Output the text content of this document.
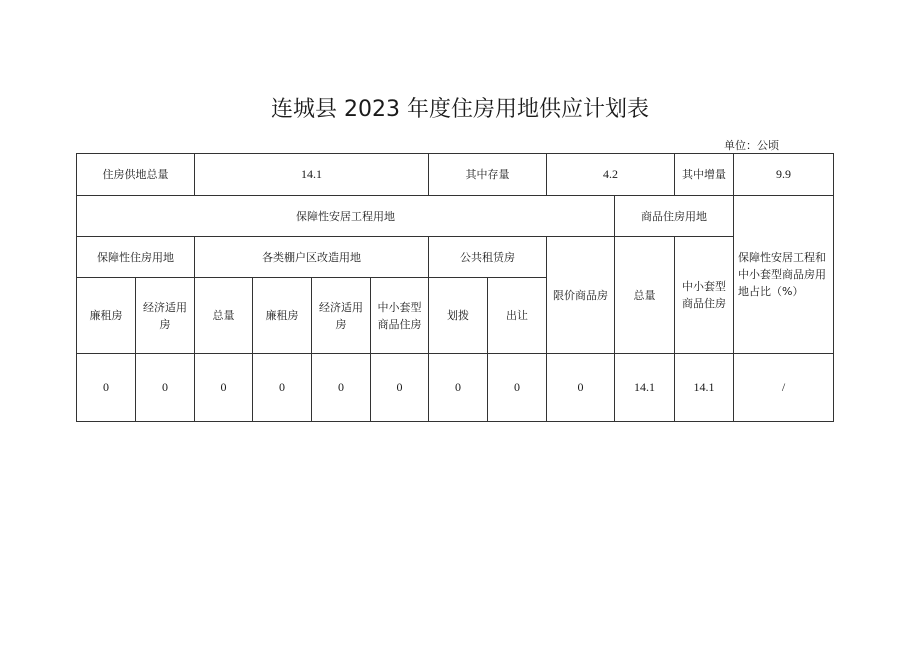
连城县 2023 年度住房用地供应计划表
单位：公顷
住房供地总量		14.1				其中存量		4.2		其中增量	9.9
保障性安居工程用地									商品住房用地		保障性安居工程和中小套型商品房用地占比（%）
保障性住房用地		各类棚户区改造用地				公共租赁房		限价商品房	总量	中小套型商品住房	
廉租房	经济适用房	总量	廉租房	经济适用房	中小套型商品住房	划拨	出让				
0	0	0	0	0	0	0	0	0	14.1	14.1	/
